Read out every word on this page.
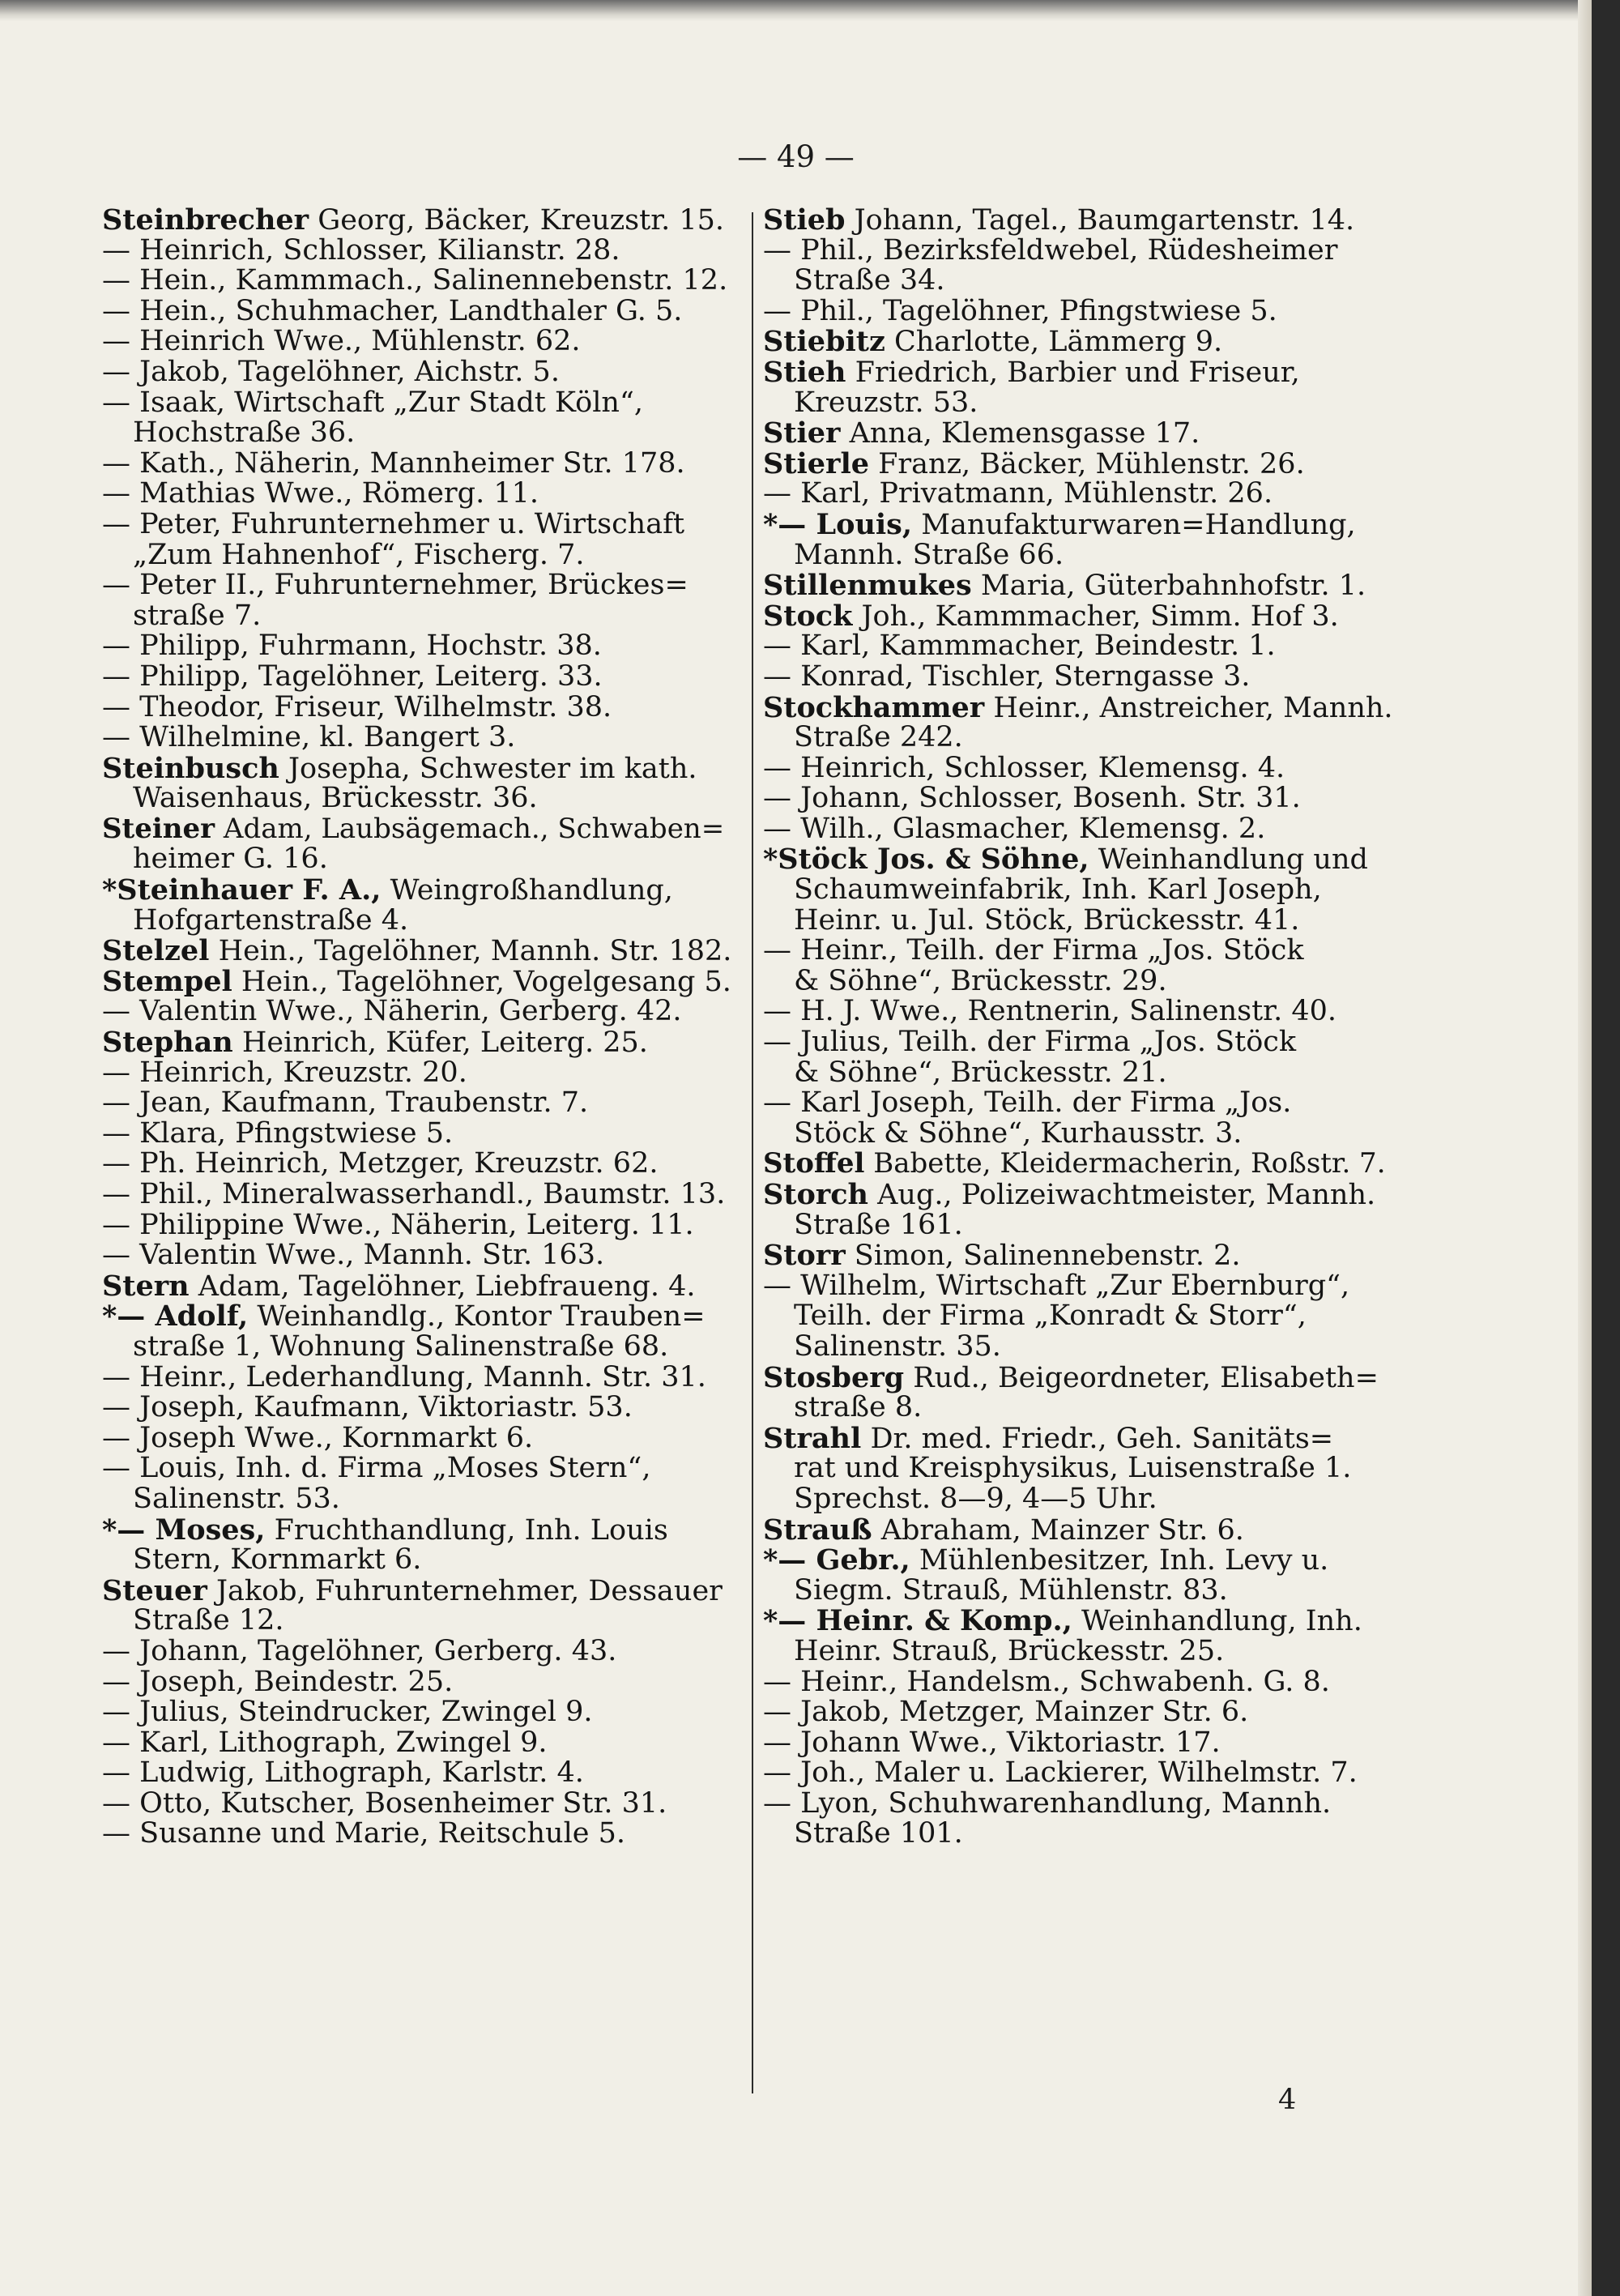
— 49 —
Steinbrecher Georg, Bäcker, Kreuzstr. 15.
— Heinrich, Schlosser, Kilianstr. 28.
— Hein., Kammmach., Salinennebenstr. 12.
— Hein., Schuhmacher, Landthaler G. 5.
— Heinrich Wwe., Mühlenstr. 62.
— Jakob, Tagelöhner, Aichstr. 5.
— Isaak, Wirtschaft „Zur Stadt Köln“,
Hochstraße 36.
— Kath., Näherin, Mannheimer Str. 178.
— Mathias Wwe., Römerg. 11.
— Peter, Fuhrunternehmer u. Wirtschaft
„Zum Hahnenhof“, Fischerg. 7.
— Peter II., Fuhrunternehmer, Brückes=
straße 7.
— Philipp, Fuhrmann, Hochstr. 38.
— Philipp, Tagelöhner, Leiterg. 33.
— Theodor, Friseur, Wilhelmstr. 38.
— Wilhelmine, kl. Bangert 3.
Steinbusch Josepha, Schwester im kath.
Waisenhaus, Brückesstr. 36.
Steiner Adam, Laubsägemach., Schwaben=
heimer G. 16.
*Steinhauer F. A., Weingroßhandlung,
Hofgartenstraße 4.
Stelzel Hein., Tagelöhner, Mannh. Str. 182.
Stempel Hein., Tagelöhner, Vogelgesang 5.
— Valentin Wwe., Näherin, Gerberg. 42.
Stephan Heinrich, Küfer, Leiterg. 25.
— Heinrich, Kreuzstr. 20.
— Jean, Kaufmann, Traubenstr. 7.
— Klara, Pfingstwiese 5.
— Ph. Heinrich, Metzger, Kreuzstr. 62.
— Phil., Mineralwasserhandl., Baumstr. 13.
— Philippine Wwe., Näherin, Leiterg. 11.
— Valentin Wwe., Mannh. Str. 163.
Stern Adam, Tagelöhner, Liebfraueng. 4.
*— Adolf, Weinhandlg., Kontor Trauben=
straße 1, Wohnung Salinenstraße 68.
— Heinr., Lederhandlung, Mannh. Str. 31.
— Joseph, Kaufmann, Viktoriastr. 53.
— Joseph Wwe., Kornmarkt 6.
— Louis, Inh. d. Firma „Moses Stern“,
Salinenstr. 53.
*— Moses, Fruchthandlung, Inh. Louis
Stern, Kornmarkt 6.
Steuer Jakob, Fuhrunternehmer, Dessauer
Straße 12.
— Johann, Tagelöhner, Gerberg. 43.
— Joseph, Beindestr. 25.
— Julius, Steindrucker, Zwingel 9.
— Karl, Lithograph, Zwingel 9.
— Ludwig, Lithograph, Karlstr. 4.
— Otto, Kutscher, Bosenheimer Str. 31.
— Susanne und Marie, Reitschule 5.
Stieb Johann, Tagel., Baumgartenstr. 14.
— Phil., Bezirksfeldwebel, Rüdesheimer
Straße 34.
— Phil., Tagelöhner, Pfingstwiese 5.
Stiebitz Charlotte, Lämmerg 9.
Stieh Friedrich, Barbier und Friseur,
Kreuzstr. 53.
Stier Anna, Klemensgasse 17.
Stierle Franz, Bäcker, Mühlenstr. 26.
— Karl, Privatmann, Mühlenstr. 26.
*— Louis, Manufakturwaren=Handlung,
Mannh. Straße 66.
Stillenmukes Maria, Güterbahnhofstr. 1.
Stock Joh., Kammmacher, Simm. Hof 3.
— Karl, Kammmacher, Beindestr. 1.
— Konrad, Tischler, Sterngasse 3.
Stockhammer Heinr., Anstreicher, Mannh.
Straße 242.
— Heinrich, Schlosser, Klemensg. 4.
— Johann, Schlosser, Bosenh. Str. 31.
— Wilh., Glasmacher, Klemensg. 2.
*Stöck Jos. & Söhne, Weinhandlung und
Schaumweinfabrik, Inh. Karl Joseph,
Heinr. u. Jul. Stöck, Brückesstr. 41.
— Heinr., Teilh. der Firma „Jos. Stöck
& Söhne“, Brückesstr. 29.
— H. J. Wwe., Rentnerin, Salinenstr. 40.
— Julius, Teilh. der Firma „Jos. Stöck
& Söhne“, Brückesstr. 21.
— Karl Joseph, Teilh. der Firma „Jos.
Stöck & Söhne“, Kurhausstr. 3.
Stoffel Babette, Kleidermacherin, Roßstr. 7.
Storch Aug., Polizeiwachtmeister, Mannh.
Straße 161.
Storr Simon, Salinennebenstr. 2.
— Wilhelm, Wirtschaft „Zur Ebernburg“,
Teilh. der Firma „Konradt & Storr“,
Salinenstr. 35.
Stosberg Rud., Beigeordneter, Elisabeth=
straße 8.
Strahl Dr. med. Friedr., Geh. Sanitäts=
rat und Kreisphysikus, Luisenstraße 1.
Sprechst. 8—9, 4—5 Uhr.
Strauß Abraham, Mainzer Str. 6.
*— Gebr., Mühlenbesitzer, Inh. Levy u.
Siegm. Strauß, Mühlenstr. 83.
*— Heinr. & Komp., Weinhandlung, Inh.
Heinr. Strauß, Brückesstr. 25.
— Heinr., Handelsm., Schwabenh. G. 8.
— Jakob, Metzger, Mainzer Str. 6.
— Johann Wwe., Viktoriastr. 17.
— Joh., Maler u. Lackierer, Wilhelmstr. 7.
— Lyon, Schuhwarenhandlung, Mannh.
Straße 101.
4
